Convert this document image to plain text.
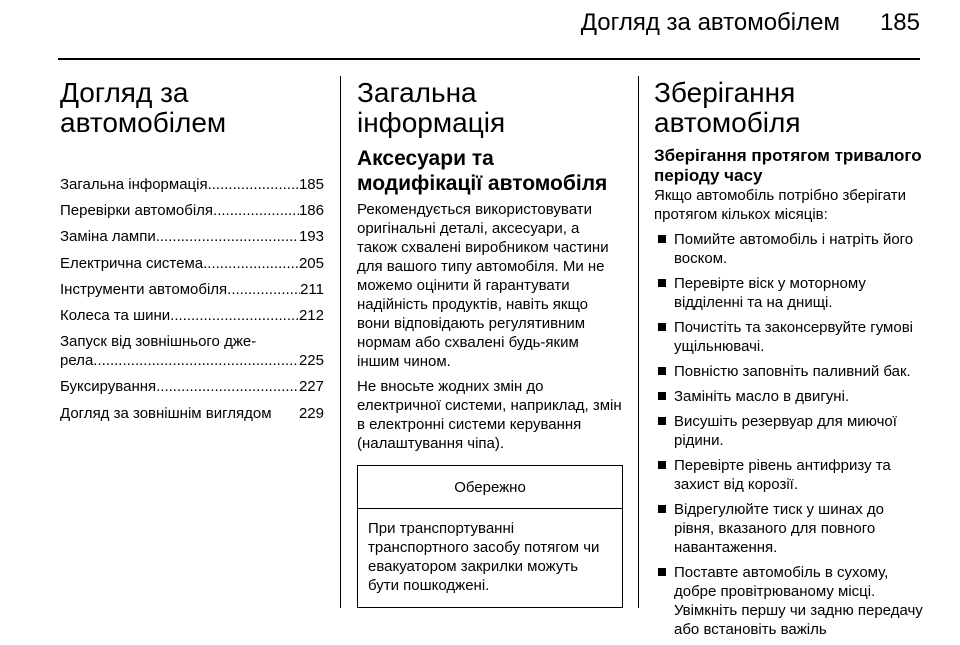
Догляд за автомобілем 185
Догляд за
автомобілем
Загальна інформація .....	185
Перевірки автомобіля .....	186
Заміна лампи .....	193
Електрична система .....	205
Інструменти автомобіля .....	211
Колеса та шини .....	212
Запуск від зовнішнього дже-
рела .....	225
Буксирування .....	227
Догляд за зовнішнім виглядом 229
Загальна інформація
Аксесуари та модифікації автомобіля

Рекомендується використовувати оригінальні деталі, аксесуари, а також схвалені виробником частини для вашого типу автомобіля. Ми не можемо оцінити й гарантувати надійність продуктів, навіть якщо вони відповідають регулятивним нормам або схвалені будь-яким іншим чином.

Не вносьте жодних змін до електричної системи, наприклад, змін в електронні системи керування (налаштування чіпа).

Обережно
При транспортуванні транспортного засобу потягом чи евакуатором закрилки можуть бути пошкоджені.
Зберігання автомобіля
Зберігання протягом тривалого періоду часу

Якщо автомобіль потрібно зберігати протягом кількох місяців:

Помийте автомобіль і натріть його воском.
Перевірте віск у моторному відділенні та на днищі.
Почистіть та законсервуйте гумові ущільнювачі.
Повністю заповніть паливний бак.
Замініть масло в двигуні.
Висушіть резервуар для миючої рідини.
Перевірте рівень антифризу та захист від корозії.
Відрегулюйте тиск у шинах до рівня, вказаного для повного навантаження.
Поставте автомобіль в сухому, добре провітрюваному місці. Увімкніть першу чи задню передачу або встановіть важіль
